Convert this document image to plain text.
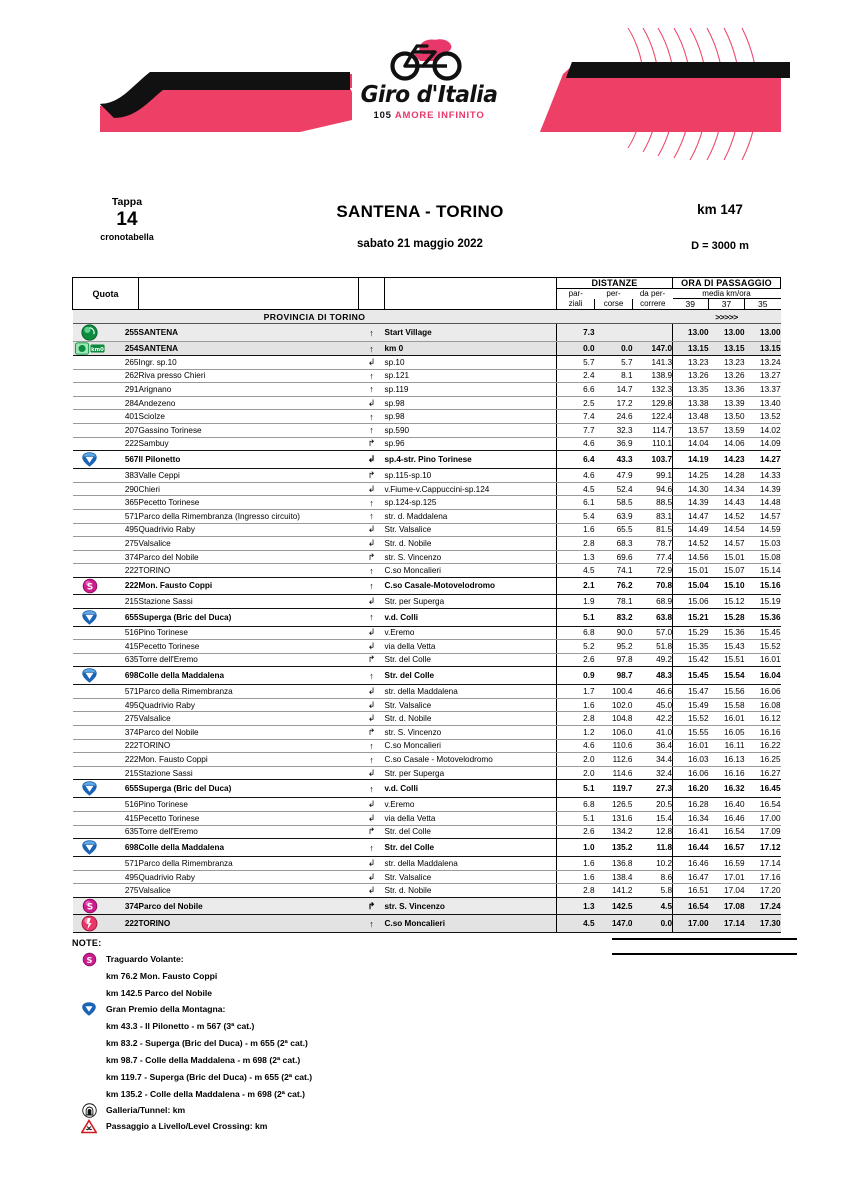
Giro d'Italia
105 AMORE INFINITO
Tappa
14
cronotabella
SANTENA - TORINO
sabato 21 maggio 2022
km 147
D = 3000 m
Quota					DISTANZE			ORA DI PASSAGGIO		
					par-	per-	da per-	media km/ora		
					ziali	corse	correre	39	37	35
PROVINCIA DI TORINO								>>>>>		
	255	SANTENA	↑	Start Village	7.3			13.00	13.00	13.00

km0	254	SANTENA	↑	km 0	0.0	0.0	147.0	13.15	13.15	13.15
	265	Ingr. sp.10	↲	sp.10	5.7	5.7	141.3	13.23	13.23	13.24
	262	Riva presso Chieri	↑	sp.121	2.4	8.1	138.9	13.26	13.26	13.27
	291	Arignano	↑	sp.119	6.6	14.7	132.3	13.35	13.36	13.37
	284	Andezeno	↲	sp.98	2.5	17.2	129.8	13.38	13.39	13.40
	401	Sciolze	↑	sp.98	7.4	24.6	122.4	13.48	13.50	13.52
	207	Gassino Torinese	↑	sp.590	7.7	32.3	114.7	13.57	13.59	14.02
	222	Sambuy	↱	sp.96	4.6	36.9	110.1	14.04	14.06	14.09
	567	Il Pilonetto	↲	sp.4-str. Pino Torinese	6.4	43.3	103.7	14.19	14.23	14.27
	383	Valle Ceppi	↱	sp.115-sp.10	4.6	47.9	99.1	14.25	14.28	14.33
	290	Chieri	↲	v.Fiume-v.Cappuccini-sp.124	4.5	52.4	94.6	14.30	14.34	14.39
	365	Pecetto Torinese	↑	sp.124-sp.125	6.1	58.5	88.5	14.39	14.43	14.48
	571	Parco della Rimembranza (Ingresso circuito)	↑	str. d. Maddalena	5.4	63.9	83.1	14.47	14.52	14.57
	495	Quadrivio Raby	↲	Str. Valsalice	1.6	65.5	81.5	14.49	14.54	14.59
	275	Valsalice	↲	Str. d. Nobile	2.8	68.3	78.7	14.52	14.57	15.03
	374	Parco del Nobile	↱	str. S. Vincenzo	1.3	69.6	77.4	14.56	15.01	15.08
	222	TORINO	↑	C.so Moncalieri	4.5	74.1	72.9	15.01	15.07	15.14

S	222	Mon. Fausto Coppi	↑	C.so Casale-Motovelodromo	2.1	76.2	70.8	15.04	15.10	15.16
	215	Stazione Sassi	↲	Str. per Superga	1.9	78.1	68.9	15.06	15.12	15.19
	655	Superga (Bric del Duca)	↑	v.d. Colli	5.1	83.2	63.8	15.21	15.28	15.36
	516	Pino Torinese	↲	v.Eremo	6.8	90.0	57.0	15.29	15.36	15.45
	415	Pecetto Torinese	↲	via della Vetta	5.2	95.2	51.8	15.35	15.43	15.52
	635	Torre dell'Eremo	↱	Str. del Colle	2.6	97.8	49.2	15.42	15.51	16.01
	698	Colle della Maddalena	↑	Str. del Colle	0.9	98.7	48.3	15.45	15.54	16.04
	571	Parco della Rimembranza	↲	str. della Maddalena	1.7	100.4	46.6	15.47	15.56	16.06
	495	Quadrivio Raby	↲	Str. Valsalice	1.6	102.0	45.0	15.49	15.58	16.08
	275	Valsalice	↲	Str. d. Nobile	2.8	104.8	42.2	15.52	16.01	16.12
	374	Parco del Nobile	↱	str. S. Vincenzo	1.2	106.0	41.0	15.55	16.05	16.16
	222	TORINO	↑	C.so Moncalieri	4.6	110.6	36.4	16.01	16.11	16.22
	222	Mon. Fausto Coppi	↑	C.so Casale - Motovelodromo	2.0	112.6	34.4	16.03	16.13	16.25
	215	Stazione Sassi	↲	Str. per Superga	2.0	114.6	32.4	16.06	16.16	16.27
	655	Superga (Bric del Duca)	↑	v.d. Colli	5.1	119.7	27.3	16.20	16.32	16.45
	516	Pino Torinese	↲	v.Eremo	6.8	126.5	20.5	16.28	16.40	16.54
	415	Pecetto Torinese	↲	via della Vetta	5.1	131.6	15.4	16.34	16.46	17.00
	635	Torre dell'Eremo	↱	Str. del Colle	2.6	134.2	12.8	16.41	16.54	17.09
	698	Colle della Maddalena	↑	Str. del Colle	1.0	135.2	11.8	16.44	16.57	17.12
	571	Parco della Rimembranza	↲	str. della Maddalena	1.6	136.8	10.2	16.46	16.59	17.14
	495	Quadrivio Raby	↲	Str. Valsalice	1.6	138.4	8.6	16.47	17.01	17.16
	275	Valsalice	↲	Str. d. Nobile	2.8	141.2	5.8	16.51	17.04	17.20

S	374	Parco del Nobile	↱	str. S. Vincenzo	1.3	142.5	4.5	16.54	17.08	17.24
	222	TORINO	↑	C.so Moncalieri	4.5	147.0	0.0	17.00	17.14	17.30
NOTE:
S Traguardo Volante:
km 76.2 Mon. Fausto Coppi
km 142.5 Parco del Nobile
Gran Premio della Montagna:
km 43.3 - Il Pilonetto - m 567 (3ª cat.)
km 83.2 - Superga (Bric del Duca) - m 655 (2ª cat.)
km 98.7 - Colle della Maddalena - m 698 (2ª cat.)
km 119.7 - Superga (Bric del Duca) - m 655 (2ª cat.)
km 135.2 - Colle della Maddalena - m 698 (2ª cat.)
Galleria/Tunnel: km
Passaggio a Livello/Level Crossing: km
